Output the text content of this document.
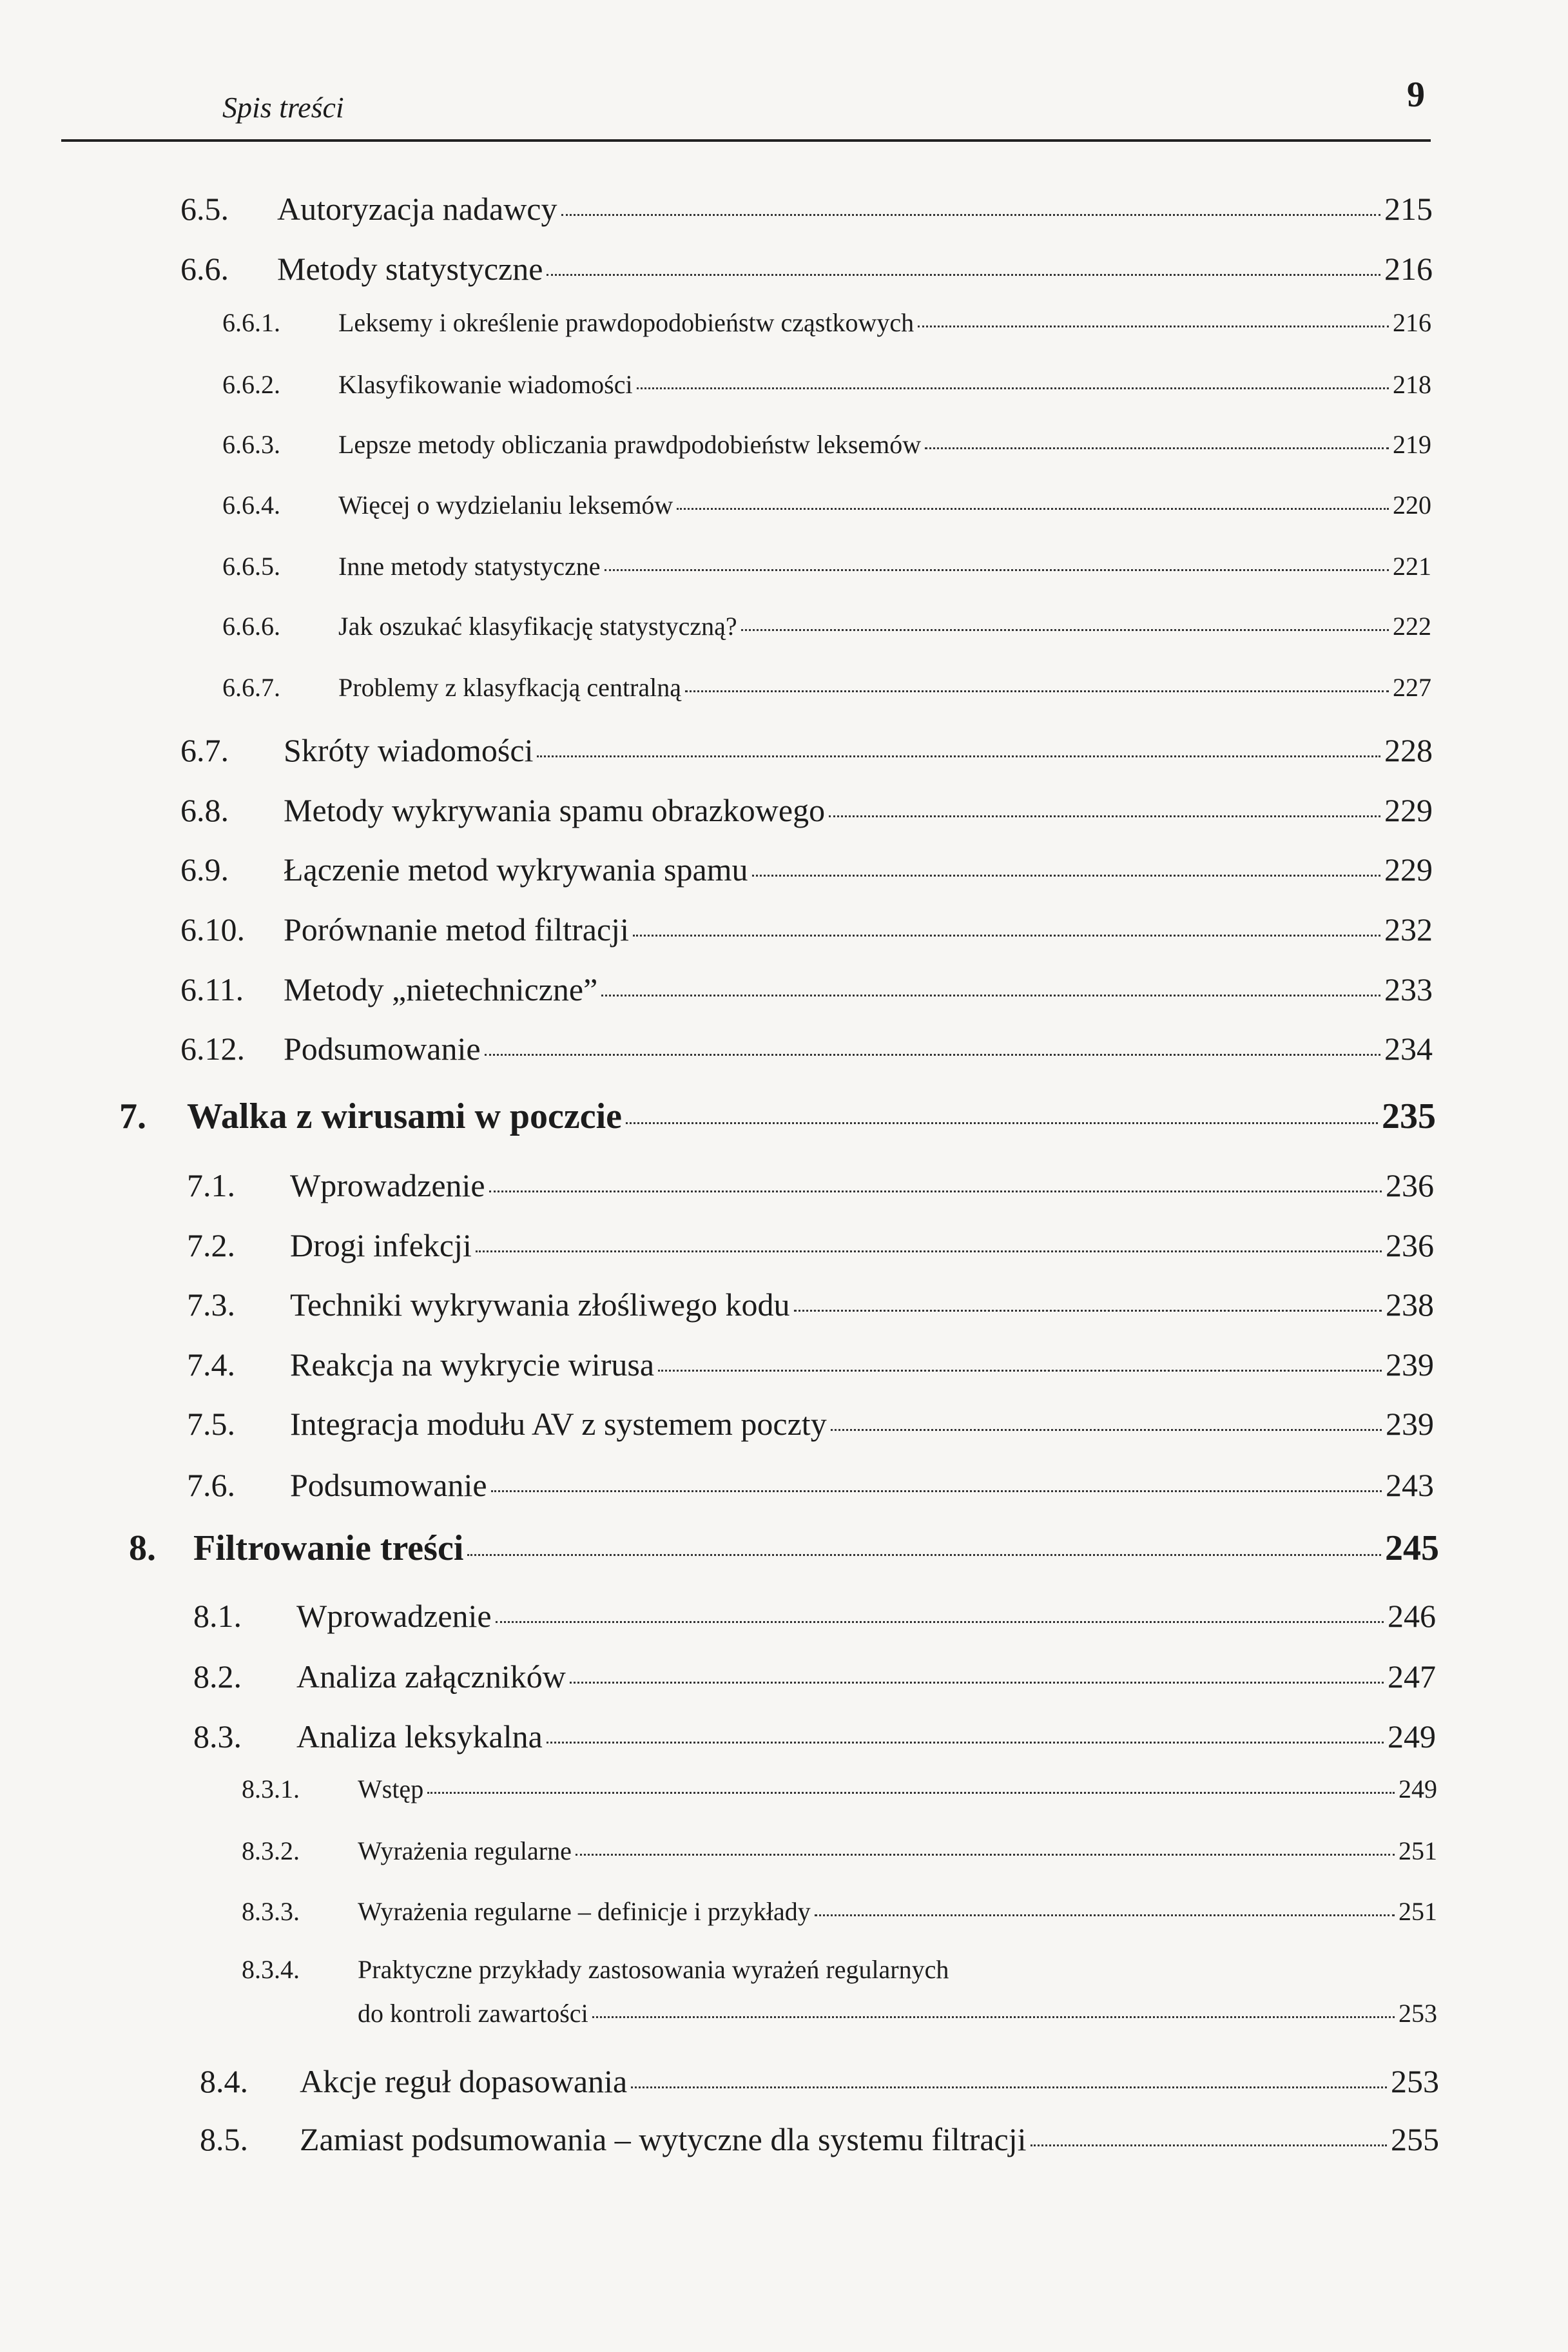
Spis treści	9
6.5.	Autoryzacja nadawcy	215
6.6.	Metody statystyczne	216
6.6.1.	Leksemy i określenie prawdopodobieństw cząstkowych	216
6.6.2.	Klasyfikowanie wiadomości	218
6.6.3.	Lepsze metody obliczania prawdpodobieństw leksemów	219
6.6.4.	Więcej o wydzielaniu leksemów	220
6.6.5.	Inne metody statystyczne	221
6.6.6.	Jak oszukać klasyfikację statystyczną?	222
6.6.7.	Problemy z klasyfkacją centralną	227
6.7.	Skróty wiadomości	228
6.8.	Metody wykrywania spamu obrazkowego	229
6.9.	Łączenie metod wykrywania spamu	229
6.10.	Porównanie metod filtracji	232
6.11.	Metody „nietechniczne”	233
6.12.	Podsumowanie	234
7.	Walka z wirusami w poczcie	235
7.1.	Wprowadzenie	236
7.2.	Drogi infekcji	236
7.3.	Techniki wykrywania złośliwego kodu	238
7.4.	Reakcja na wykrycie wirusa	239
7.5.	Integracja modułu AV z systemem poczty	239
7.6.	Podsumowanie	243
8.	Filtrowanie treści	245
8.1.	Wprowadzenie	246
8.2.	Analiza załączników	247
8.3.	Analiza leksykalna	249
8.3.1.	Wstęp	249
8.3.2.	Wyrażenia regularne	251
8.3.3.	Wyrażenia regularne – definicje i przykłady	251
8.3.4.	Praktyczne przykłady zastosowania wyrażeń regularnych
do kontroli zawartości	253
8.4.	Akcje reguł dopasowania	253
8.5.	Zamiast podsumowania – wytyczne dla systemu filtracji	255
